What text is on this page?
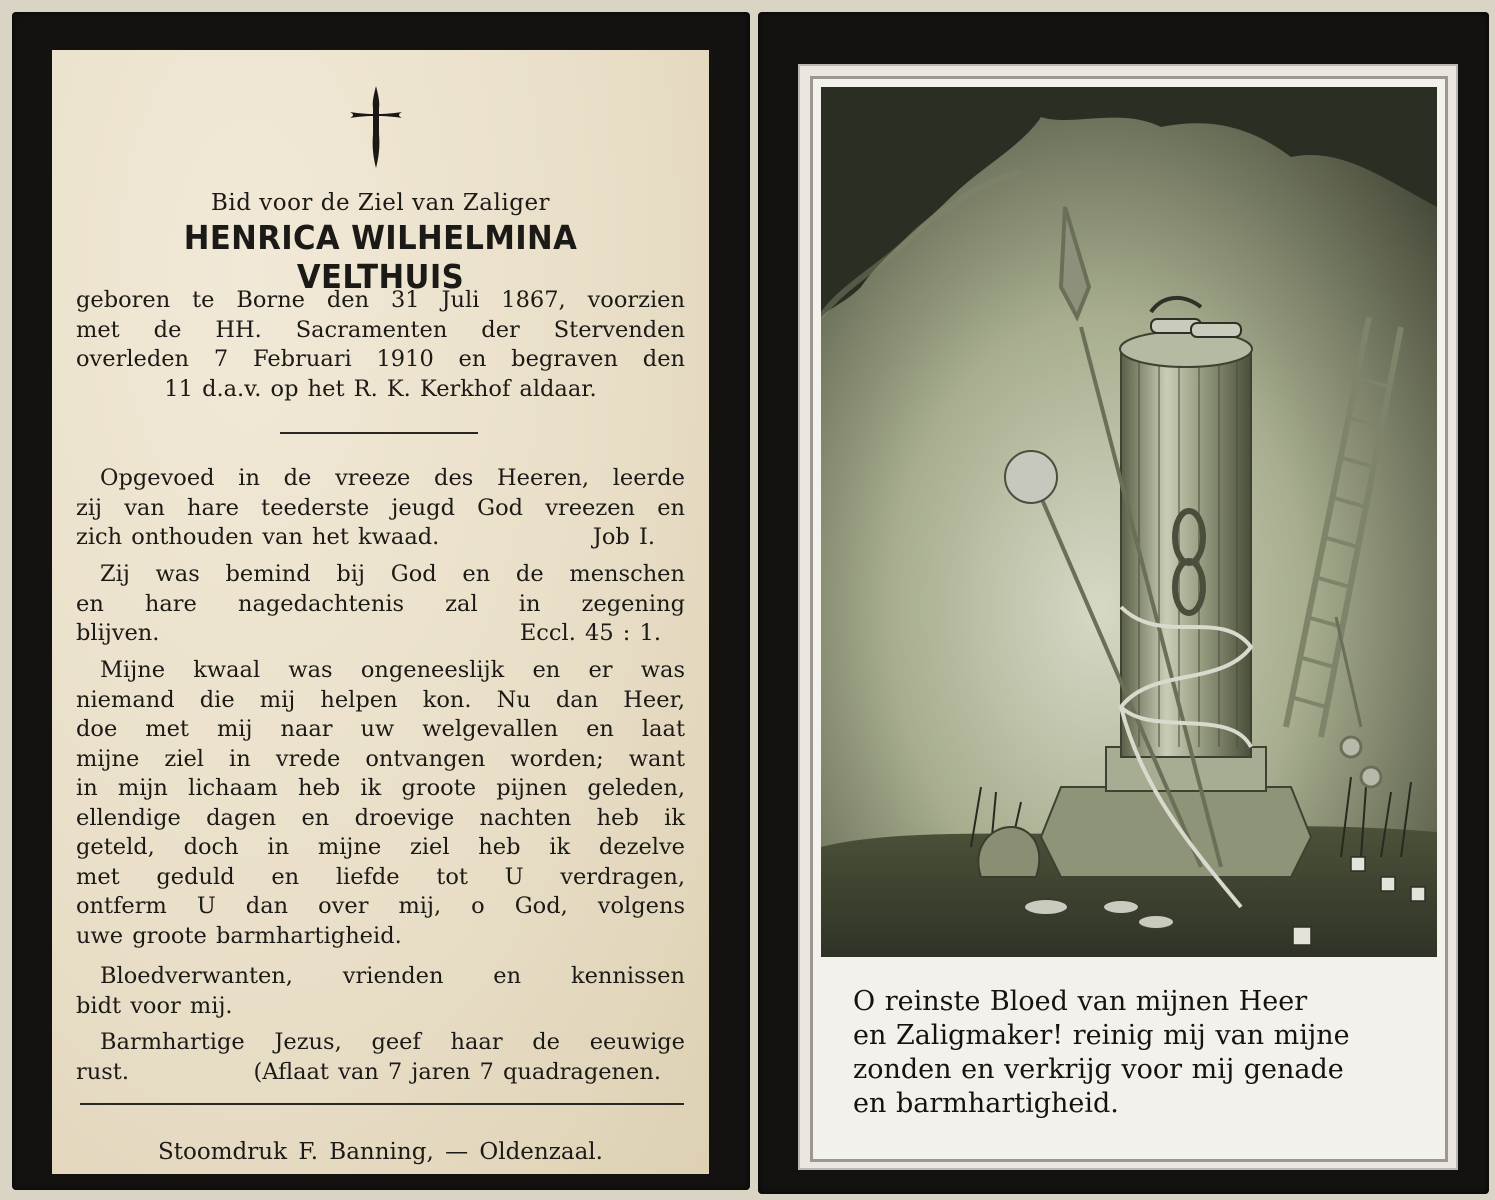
Bid voor de Ziel van Zaliger

HENRICA WILHELMINA VELTHUIS

geboren te Borne den 31 Juli 1867, voorzien
met de HH. Sacramenten der Stervenden
overleden 7 Februari 1910 en begraven den
11 d.a.v. op het R. K. Kerkhof aldaar.
Opgevoed in de vreeze des Heeren, leerde
zij van hare teederste jeugd God vreezen en
zich onthouden van het kwaad.	Job I.
Zij was bemind bij God en de menschen
en hare nagedachtenis zal in zegening
blijven.	Eccl. 45 : 1.
Mijne kwaal was ongeneeslijk en er was
niemand die mij helpen kon. Nu dan Heer,
doe met mij naar uw welgevallen en laat
mijne ziel in vrede ontvangen worden; want
in mijn lichaam heb ik groote pijnen geleden,
ellendige dagen en droevige nachten heb ik
geteld, doch in mijne ziel heb ik dezelve
met geduld en liefde tot U verdragen,
ontferm U dan over mij, o God, volgens
uwe groote barmhartigheid.
Bloedverwanten, vrienden en kennissen
bidt voor mij.
Barmhartige Jezus, geef haar de eeuwige
rust.	(Aflaat van 7 jaren 7 quadragenen.

Stoomdruk F. Banning, — Oldenzaal.

O reinste Bloed van mijnen Heer
en Zaligmaker! reinig mij van mijne
zonden en verkrijg voor mij genade
en barmhartigheid.
